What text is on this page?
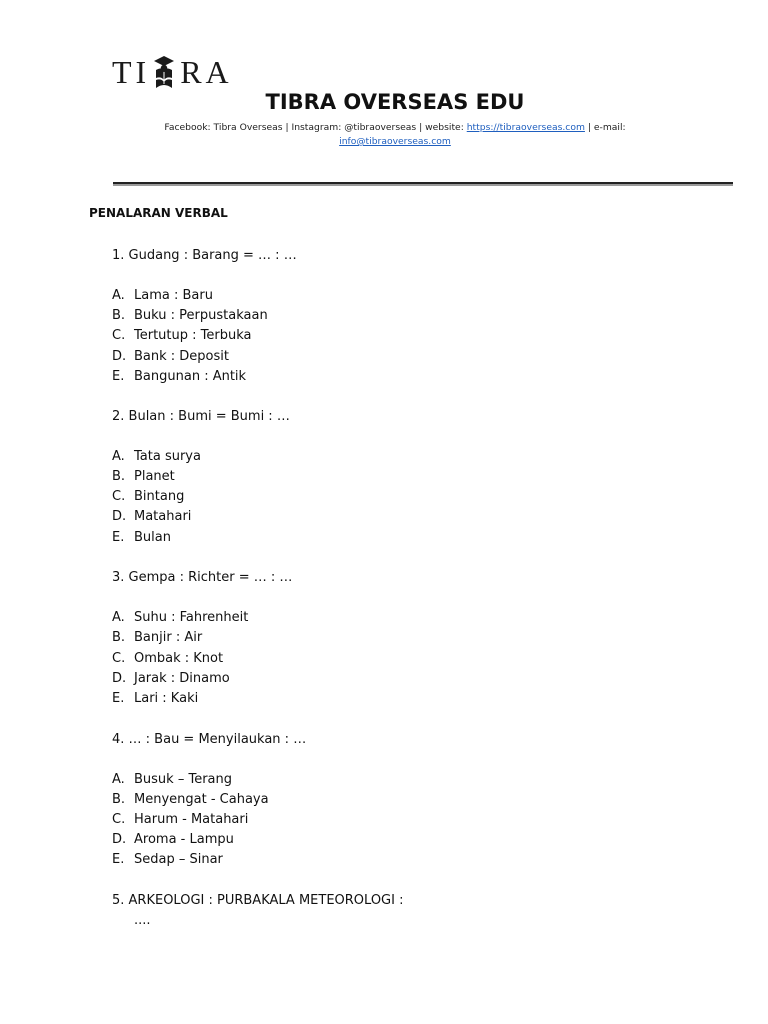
TI RA
TIBRA OVERSEAS EDU
Facebook: Tibra Overseas | Instagram: @tibraoverseas | website: https://tibraoverseas.com | e-mail:
info@tibraoverseas.com
PENALARAN VERBAL
1. Gudang : Barang = … : …
A. Lama : Baru
B. Buku : Perpustakaan
C. Tertutup : Terbuka
D. Bank : Deposit
E. Bangunan : Antik
2. Bulan : Bumi = Bumi : …
A. Tata surya
B. Planet
C. Bintang
D. Matahari
E. Bulan
3. Gempa : Richter = … : …
A. Suhu : Fahrenheit
B. Banjir : Air
C. Ombak : Knot
D. Jarak : Dinamo
E. Lari : Kaki
4. … : Bau = Menyilaukan : …
A. Busuk – Terang
B. Menyengat - Cahaya
C. Harum - Matahari
D. Aroma - Lampu
E. Sedap – Sinar
5. ARKEOLOGI : PURBAKALA METEOROLOGI :
....
